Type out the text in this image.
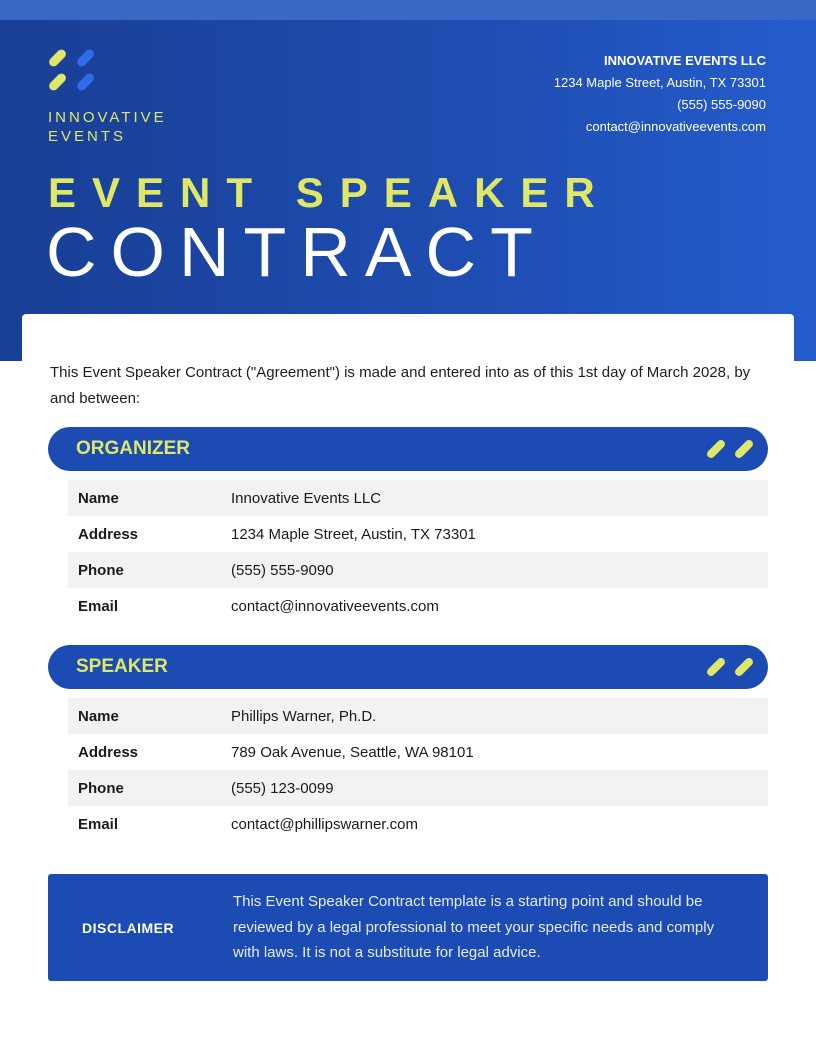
INNOVATIVE
EVENTS
INNOVATIVE EVENTS LLC
1234 Maple Street, Austin, TX 73301
(555) 555-9090
contact@innovativeevents.com
EVENT SPEAKER
CONTRACT

This Event Speaker Contract ("Agreement") is made and entered into as of this 1st day of March 2028, by and between:

ORGANIZER
Name	Innovative Events LLC
Address	1234 Maple Street, Austin, TX 73301
Phone	(555) 555-9090
Email	contact@innovativeevents.com
SPEAKER
Name	Phillips Warner, Ph.D.
Address	789 Oak Avenue, Seattle, WA 98101
Phone	(555) 123-0099
Email	contact@phillipswarner.com
DISCLAIMER

This Event Speaker Contract template is a starting point and should be reviewed by a legal professional to meet your specific needs and comply with laws. It is not a substitute for legal advice.
